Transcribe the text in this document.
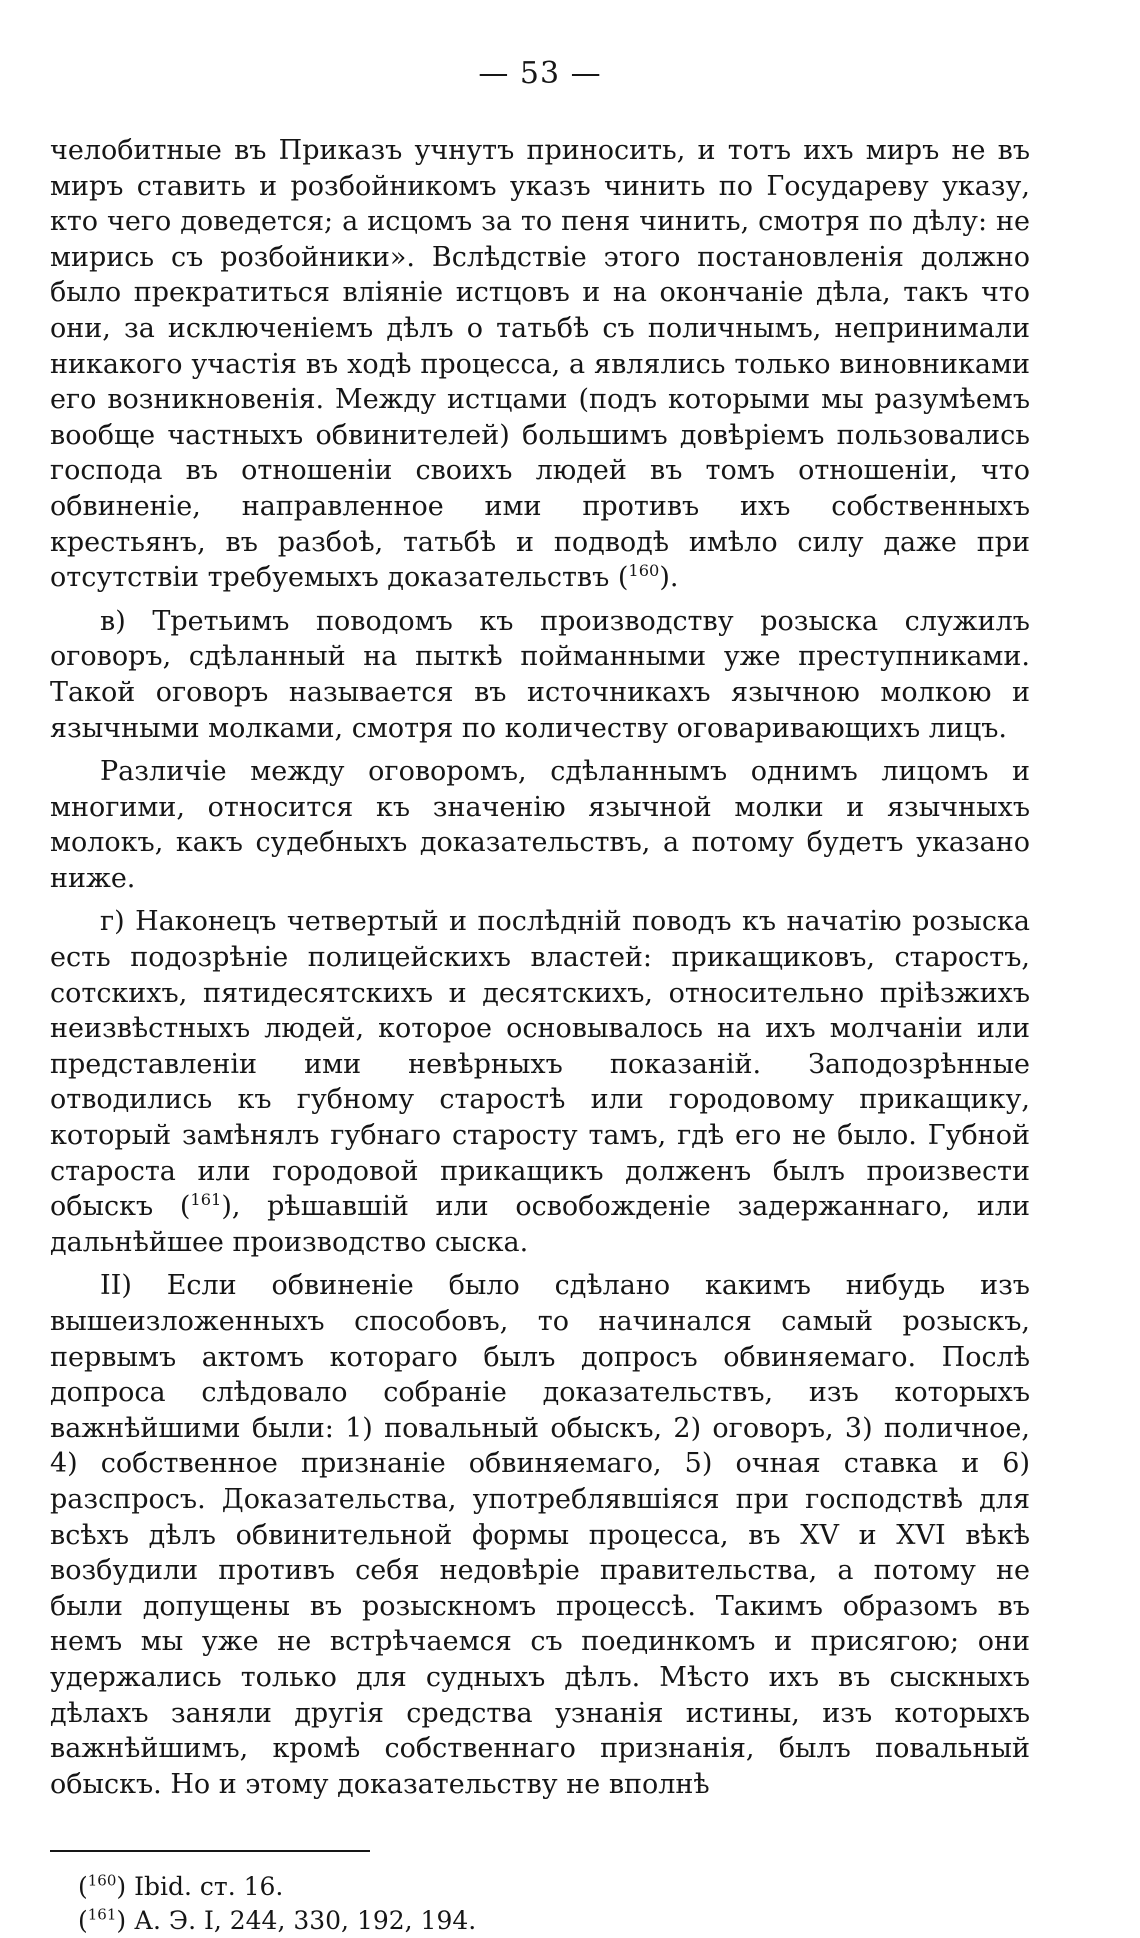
— 53 —

челобитные въ Приказъ учнутъ приносить, и тотъ ихъ миръ не въ миръ ставить и розбойникомъ указъ чинить по Государеву указу, кто чего доведется; а исцомъ за то пеня чинить, смотря по дѣлу: не мирись съ розбойники». Вслѣдствіе этого постановленія должно было прекратиться вліяніе истцовъ и на окончаніе дѣла, такъ что они, за исключеніемъ дѣлъ о татьбѣ съ поличнымъ, непринимали никакого участія въ ходѣ процесса, а являлись только виновниками его возникновенія. Между истцами (подъ которыми мы разумѣемъ вообще частныхъ обвинителей) большимъ довѣріемъ пользовались господа въ отношеніи своихъ людей въ томъ отношеніи, что обвиненіе, направленное ими противъ ихъ собственныхъ крестьянъ, въ разбоѣ, татьбѣ и подводѣ имѣло силу даже при отсутствіи требуемыхъ доказательствъ ($^{160}$).

в) Третьимъ поводомъ къ производству розыска служилъ оговоръ, сдѣланный на пыткѣ пойманными уже преступниками. Такой оговоръ называется въ источникахъ язычною молкою и язычными молками, смотря по количеству оговаривающихъ лицъ.

Различіе между оговоромъ, сдѣланнымъ однимъ лицомъ и многими, относится къ значенію язычной молки и язычныхъ молокъ, какъ судебныхъ доказательствъ, а потому будетъ указано ниже.

г) Наконецъ четвертый и послѣдній поводъ къ начатію розыска есть подозрѣніе полицейскихъ властей: прикащиковъ, старостъ, сотскихъ, пятидесятскихъ и десятскихъ, относительно пріѣзжихъ неизвѣстныхъ людей, которое основывалось на ихъ молчаніи или представленіи ими невѣрныхъ показаній. Заподозрѣнные отводились къ губному старостѣ или городовому прикащику, который замѣнялъ губнаго старосту тамъ, гдѣ его не было. Губной староста или городовой прикащикъ долженъ былъ произвести обыскъ ($^{161}$), рѣшавшій или освобожденіе задержаннаго, или дальнѣйшее производство сыска.

II) Если обвиненіе было сдѣлано какимъ нибудь изъ вышеизложенныхъ способовъ, то начинался самый розыскъ, первымъ актомъ котораго былъ допросъ обвиняемаго. Послѣ допроса слѣдовало собраніе доказательствъ, изъ которыхъ важнѣйшими были: 1) повальный обыскъ, 2) оговоръ, 3) поличное, 4) собственное признаніе обвиняемаго, 5) очная ставка и 6) разспросъ. Доказательства, употреблявшіяся при господствѣ для всѣхъ дѣлъ обвинительной формы процесса, въ XV и XVI вѣкѣ возбудили противъ себя недовѣріе правительства, а потому не были допущены въ розыскномъ процессѣ. Такимъ образомъ въ немъ мы уже не встрѣчаемся съ поединкомъ и присягою; они удержались только для судныхъ дѣлъ. Мѣсто ихъ въ сыскныхъ дѣлахъ заняли другія средства узнанія истины, изъ которыхъ важнѣйшимъ, кромѣ собственнаго признанія, былъ повальный обыскъ. Но и этому доказательству не вполнѣ

($^{160}$) Ibid. ст. 16.

($^{161}$) А. Э. I, 244, 330, 192, 194.
